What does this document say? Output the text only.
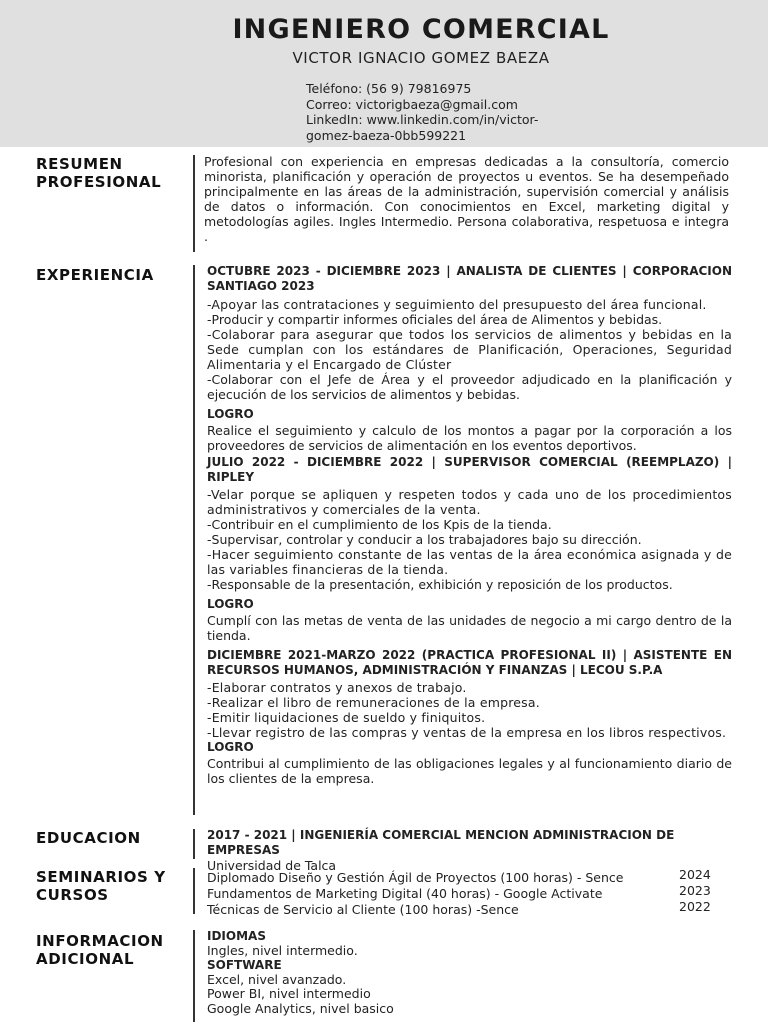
INGENIERO COMERCIAL
VICTOR IGNACIO GOMEZ BAEZA
Teléfono: (56 9) 79816975
Correo: victorigbaeza@gmail.com
LinkedIn: www.linkedin.com/in/victor-
gomez-baeza-0bb599221
RESUMEN
PROFESIONAL
Profesional con experiencia en empresas dedicadas a la consultoría, comercio minorista, planificación y operación de proyectos u eventos. Se ha desempeñado principalmente en las áreas de la administración, supervisión comercial y análisis de datos o información. Con conocimientos en Excel, marketing digital y metodologías agiles. Ingles Intermedio. Persona colaborativa, respetuosa e integra .
EXPERIENCIA	OCTUBRE 2023 - DICIEMBRE 2023 | ANALISTA DE CLIENTES | CORPORACION SANTIAGO 2023
-Apoyar las contrataciones y seguimiento del presupuesto del área funcional.
-Producir y compartir informes oficiales del área de Alimentos y bebidas.
-Colaborar para asegurar que todos los servicios de alimentos y bebidas en la Sede cumplan con los estándares de Planificación, Operaciones, Seguridad Alimentaria y el Encargado de Clúster
-Colaborar con el Jefe de Área y el proveedor adjudicado en la planificación y ejecución de los servicios de alimentos y bebidas.
LOGRO
Realice el seguimiento y calculo de los montos a pagar por la corporación a los proveedores de servicios de alimentación en los eventos deportivos.
JULIO 2022 - DICIEMBRE 2022 | SUPERVISOR COMERCIAL (REEMPLAZO) | RIPLEY
-Velar porque se apliquen y respeten todos y cada uno de los procedimientos administrativos y comerciales de la venta.
-Contribuir en el cumplimiento de los Kpis de la tienda.
-Supervisar, controlar y conducir a los trabajadores bajo su dirección.
-Hacer seguimiento constante de las ventas de la área económica asignada y de las variables financieras de la tienda.
-Responsable de la presentación, exhibición y reposición de los productos.
LOGRO
Cumplí con las metas de venta de las unidades de negocio a mi cargo dentro de la tienda.
DICIEMBRE 2021-MARZO 2022 (PRACTICA PROFESIONAL II) | ASISTENTE EN RECURSOS HUMANOS, ADMINISTRACIÓN Y FINANZAS | LECOU S.P.A
-Elaborar contratos y anexos de trabajo.
-Realizar el libro de remuneraciones de la empresa.
-Emitir liquidaciones de sueldo y finiquitos.
-Llevar registro de las compras y ventas de la empresa en los libros respectivos.
LOGRO
Contribui al cumplimiento de las obligaciones legales y al funcionamiento diario de los clientes de la empresa.
EDUCACION	2017 - 2021 | INGENIERÍA COMERCIAL MENCION ADMINISTRACION DE EMPRESAS
Universidad de Talca
SEMINARIOS Y
CURSOS
Diplomado Diseño y Gestión Ágil de Proyectos (100 horas) - Sence
Fundamentos de Marketing Digital (40 horas) - Google Activate
Técnicas de Servicio al Cliente (100 horas) -Sence
2024
2023
2022
INFORMACION
ADICIONAL
IDIOMAS
Ingles, nivel intermedio.
SOFTWARE
Excel, nivel avanzado.
Power BI, nivel intermedio
Google Analytics, nivel basico
